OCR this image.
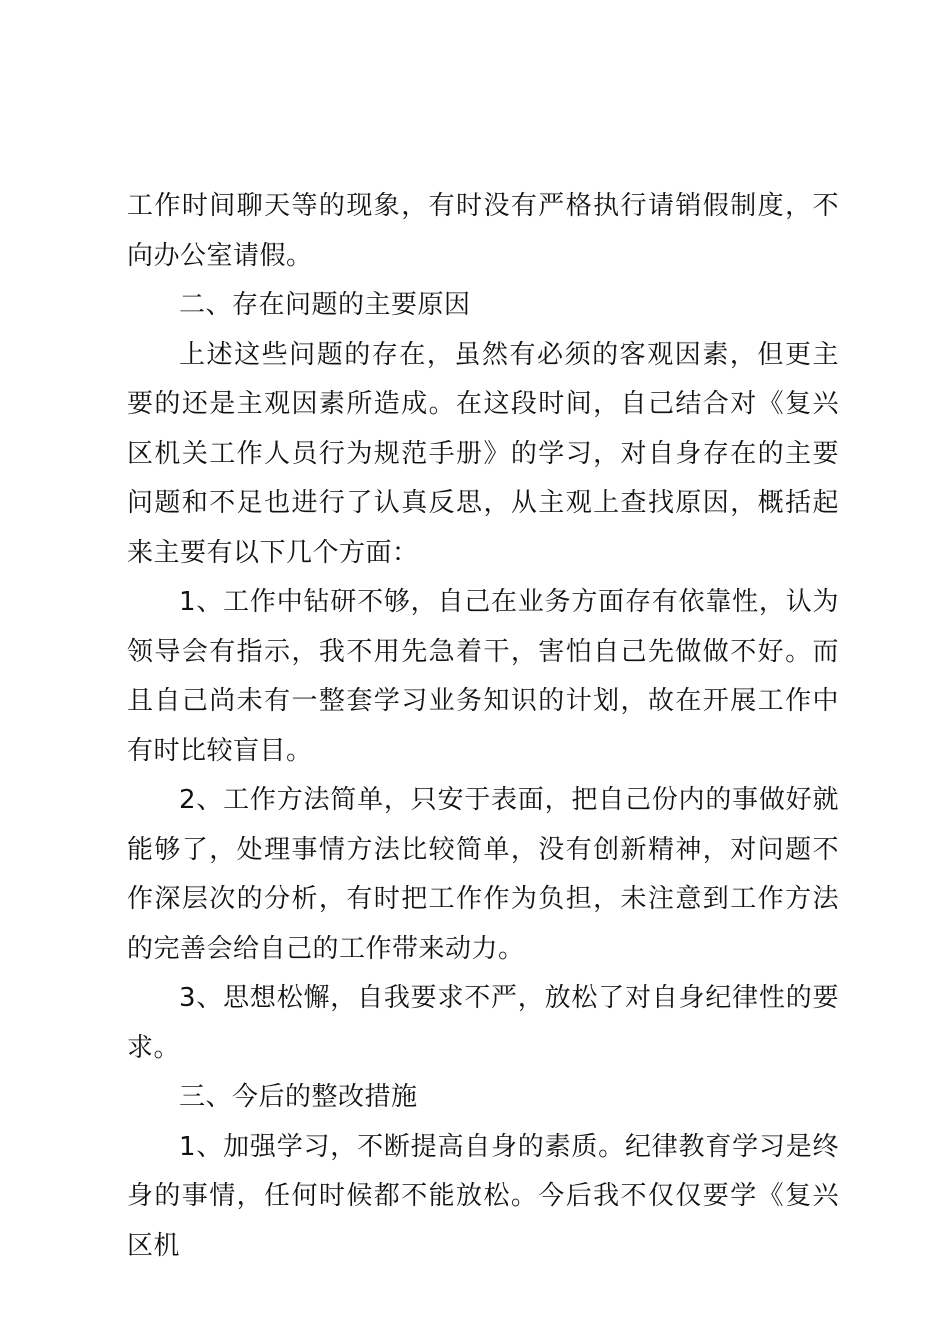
工作时间聊天等的现象，有时没有严格执行请销假制度，不向办公室请假。

二、存在问题的主要原因

上述这些问题的存在，虽然有必须的客观因素，但更主要的还是主观因素所造成。在这段时间，自己结合对《复兴区机关工作人员行为规范手册》的学习，对自身存在的主要问题和不足也进行了认真反思，从主观上查找原因，概括起来主要有以下几个方面：

1、工作中钻研不够，自己在业务方面存有依靠性，认为领导会有指示，我不用先急着干，害怕自己先做做不好。而且自己尚未有一整套学习业务知识的计划，故在开展工作中有时比较盲目。

2、工作方法简单，只安于表面，把自己份内的事做好就能够了，处理事情方法比较简单，没有创新精神，对问题不作深层次的分析，有时把工作作为负担，未注意到工作方法的完善会给自己的工作带来动力。

3、思想松懈，自我要求不严，放松了对自身纪律性的要求。

三、今后的整改措施

1、加强学习，不断提高自身的素质。纪律教育学习是终身的事情，任何时候都不能放松。今后我不仅仅要学《复兴区机
